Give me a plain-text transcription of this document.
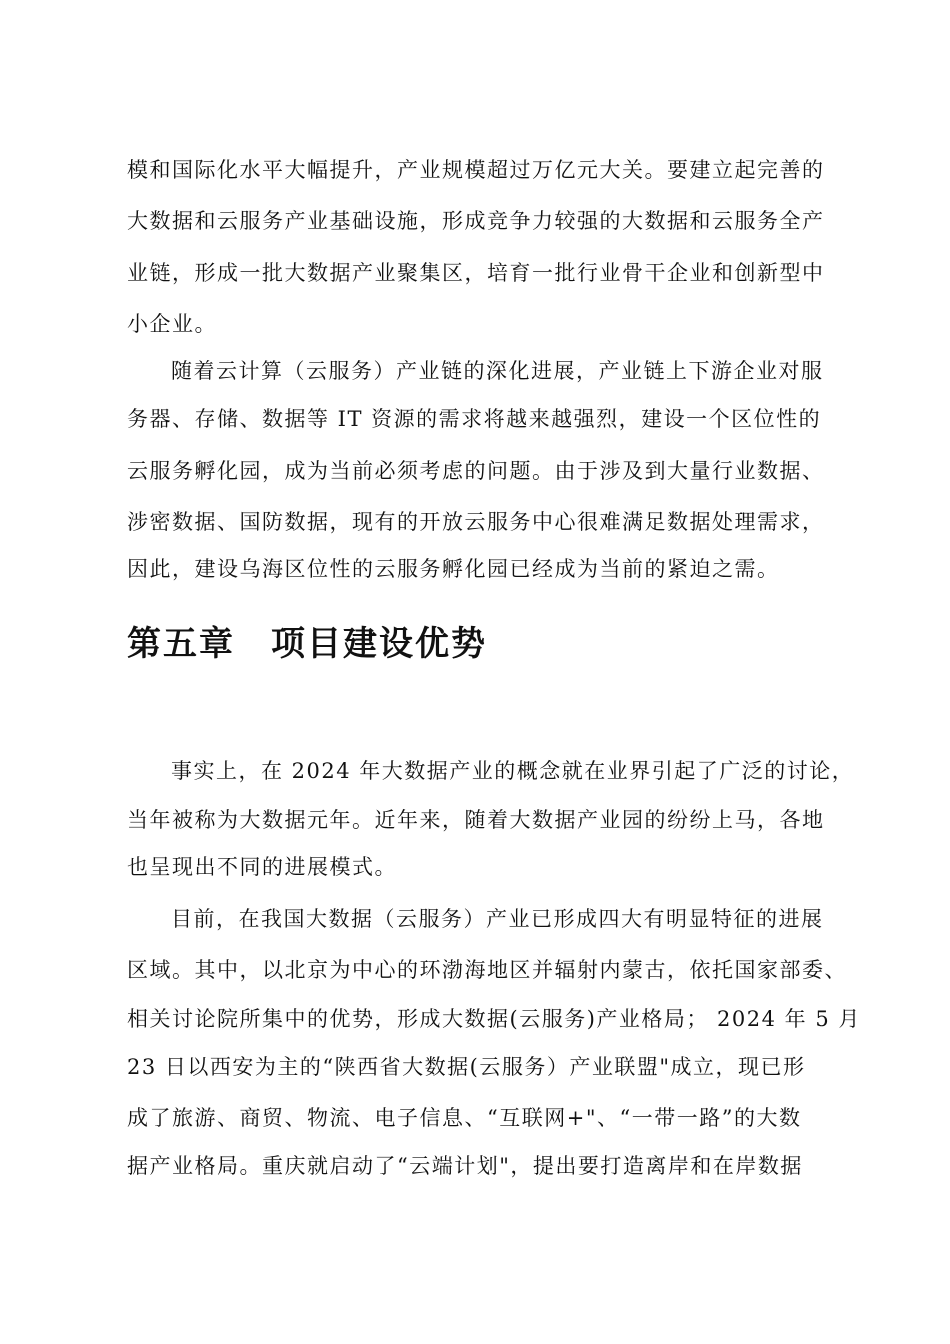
模和国际化水平大幅提升，产业规模超过万亿元大关。要建立起完善的
大数据和云服务产业基础设施，形成竞争力较强的大数据和云服务全产
业链，形成一批大数据产业聚集区，培育一批行业骨干企业和创新型中
小企业。
随着云计算（云服务）产业链的深化进展，产业链上下游企业对服
务器、存储、数据等 IT 资源的需求将越来越强烈，建设一个区位性的
云服务孵化园，成为当前必须考虑的问题。由于涉及到大量行业数据、
涉密数据、国防数据，现有的开放云服务中心很难满足数据处理需求，
因此，建设乌海区位性的云服务孵化园已经成为当前的紧迫之需。
第五章　项目建设优势
事实上，在 2024 年大数据产业的概念就在业界引起了广泛的讨论，
当年被称为大数据元年。近年来，随着大数据产业园的纷纷上马，各地
也呈现出不同的进展模式。
目前，在我国大数据（云服务）产业已形成四大有明显特征的进展
区域。其中，以北京为中心的环渤海地区并辐射内蒙古，依托国家部委、
相关讨论院所集中的优势，形成大数据(云服务)产业格局； 2024 年 5 月
23 日以西安为主的“陕西省大数据(云服务）产业联盟"成立，现已形
成了旅游、商贸、物流、电子信息、“互联网+"、“一带一路”的大数
据产业格局。重庆就启动了“云端计划"，提出要打造离岸和在岸数据
